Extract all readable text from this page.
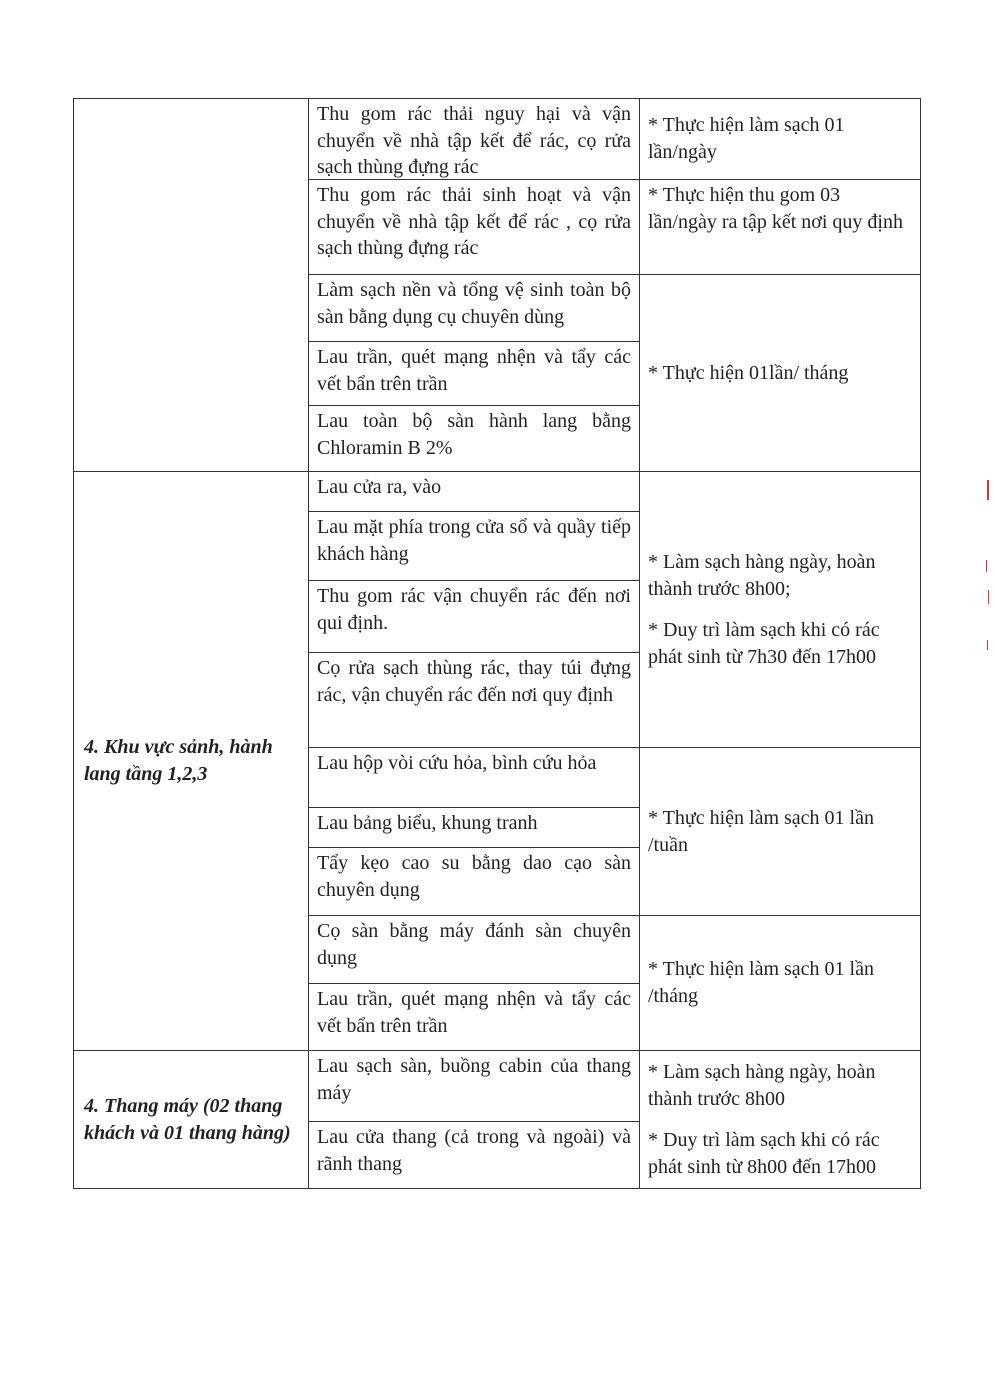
Thu gom rác thải nguy hại và vận chuyển về nhà tập kết để rác, cọ rửa sạch thùng đựng rác

* Thực hiện làm sạch 01 lần/ngày

Thu gom rác thải sinh hoạt và vận chuyển về nhà tập kết để rác , cọ rửa sạch thùng đựng rác

* Thực hiện thu gom 03 lần/ngày ra tập kết nơi quy định

Làm sạch nền và tổng vệ sinh toàn bộ sàn bằng dụng cụ chuyên dùng
Lau trần, quét mạng nhện và tẩy các vết bẩn trên trần
Lau toàn bộ sàn hành lang bằng Chloramin B 2%

* Thực hiện 01lần/ tháng

4. Khu vực sảnh, hành lang tầng 1,2,3
Lau cửa ra, vào
Lau mặt phía trong cửa sổ và quầy tiếp khách hàng
Thu gom rác vận chuyển rác đến nơi qui định.
Cọ rửa sạch thùng rác, thay túi đựng rác, vận chuyển rác đến nơi quy định

* Làm sạch hàng ngày, hoàn thành trước 8h00;

* Duy trì làm sạch khi có rác phát sinh từ 7h30 đến 17h00

Lau hộp vòi cứu hỏa, bình cứu hỏa
Lau bảng biểu, khung tranh
Tẩy kẹo cao su bằng dao cạo sàn chuyên dụng

* Thực hiện làm sạch 01 lần /tuần

Cọ sàn bằng máy đánh sàn chuyên dụng
Lau trần, quét mạng nhện và tẩy các vết bẩn trên trần

* Thực hiện làm sạch 01 lần /tháng

4. Thang máy (02 thang khách và 01 thang hàng)
Lau sạch sàn, buồng cabin của thang máy
Lau cửa thang (cả trong và ngoài) và rãnh thang

* Làm sạch hàng ngày, hoàn thành trước 8h00

* Duy trì làm sạch khi có rác phát sinh từ 8h00 đến 17h00
